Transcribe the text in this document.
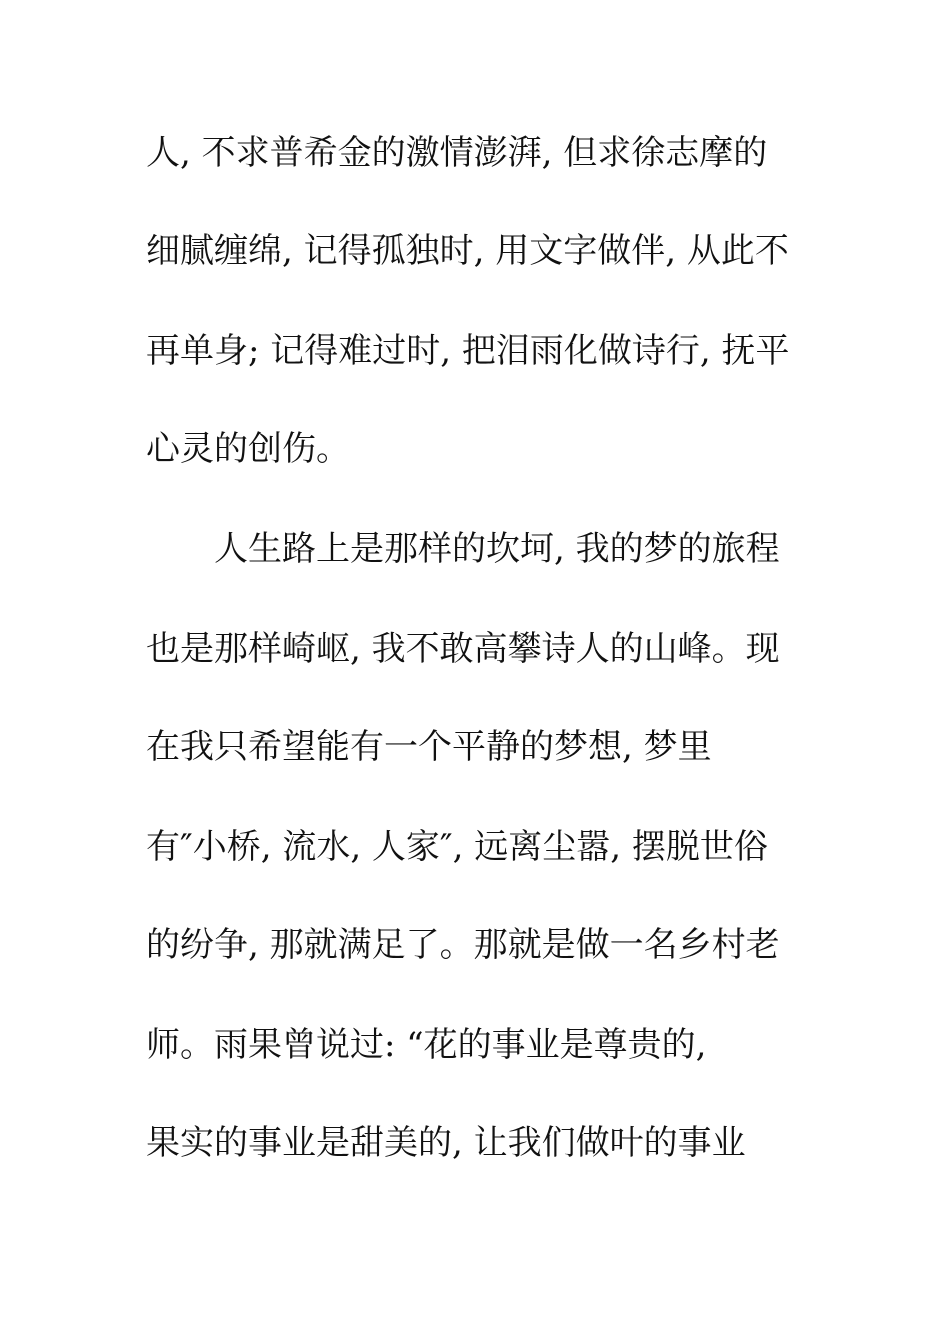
人, 不求普希金的激情澎湃, 但求徐志摩的
细腻缠绵, 记得孤独时, 用文字做伴, 从此不
再单身; 记得难过时, 把泪雨化做诗行, 抚平
心灵的创伤。
人生路上是那样的坎坷, 我的梦的旅程
也是那样崎岖, 我不敢高攀诗人的山峰。现
在我只希望能有一个平静的梦想, 梦里
有″小桥, 流水, 人家″, 远离尘嚣, 摆脱世俗
的纷争, 那就满足了。那就是做一名乡村老
师。雨果曾说过: “花的事业是尊贵的,
果实的事业是甜美的, 让我们做叶的事业
